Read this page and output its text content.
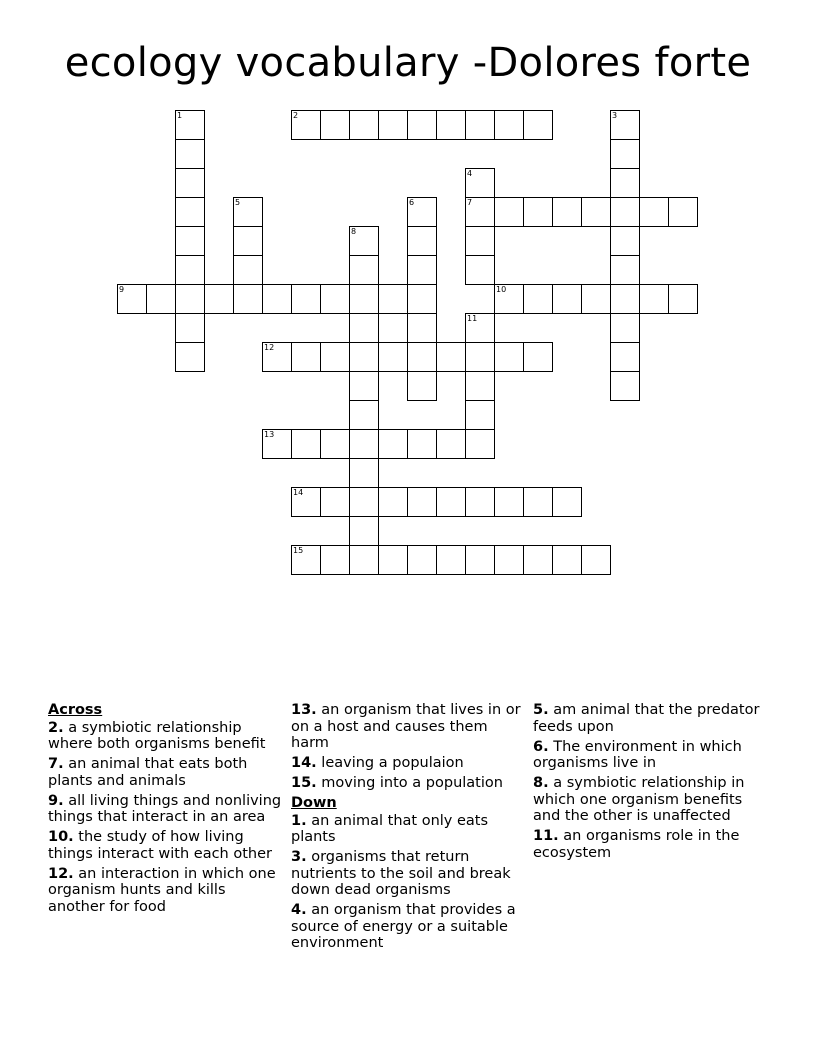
ecology vocabulary -Dolores forte
2
7
9	10
12
13
14
15
1	3
4
5	6
8
11
Across
2. a symbiotic relationship where both organisms benefit
7. an animal that eats both plants and animals
9. all living things and nonliving things that interact in an area
10. the study of how living things interact with each other
12. an interaction in which one organism hunts and kills another for food
13. an organism that lives in or on a host and causes them harm
14. leaving a populaion
15. moving into a population
Down
1. an animal that only eats plants
3. organisms that return nutrients to the soil and break down dead organisms
4. an organism that provides a source of energy or a suitable environment
5. am animal that the predator feeds upon
6. The environment in which organisms live in
8. a symbiotic relationship in which one organism benefits and the other is unaffected
11. an organisms role in the ecosystem
